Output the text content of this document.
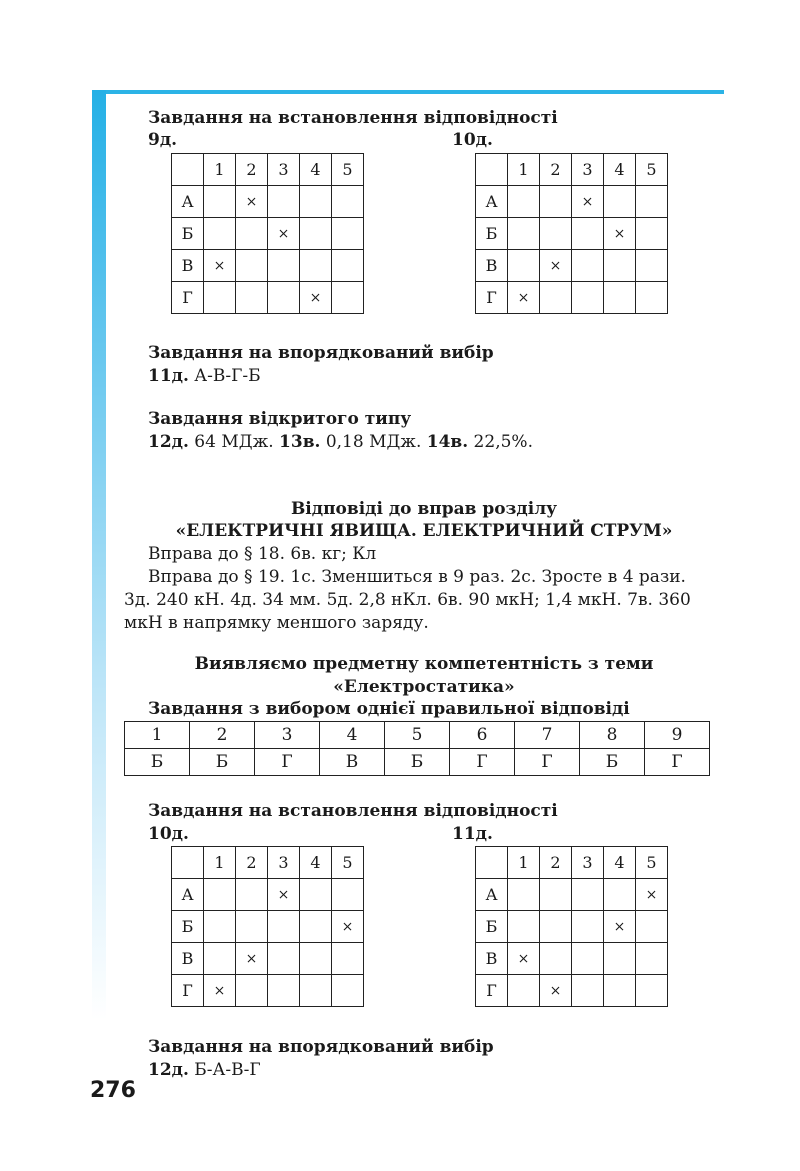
Завдання на встановлення відповідності
9д.	10д.
	1	2	3	4	5
А		×			
Б			×		
В	×				
Г				×	
	1	2	3	4	5
А			×		
Б				×	
В		×			
Г	×				
Завдання на впорядкований вибір
11д. А-В-Г-Б
Завдання відкритого типу
12д. 64 МДж. 13в. 0,18 МДж. 14в. 22,5%.
Відповіді до вправ розділу
«ЕЛЕКТРИЧНІ ЯВИЩА. ЕЛЕКТРИЧНИЙ СТРУМ»
Вправа до § 18. 6в. кг; Кл
Вправа до § 19. 1с. Зменшиться в 9 раз. 2с. Зросте в 4 рази.
3д. 240 кН. 4д. 34 мм. 5д. 2,8 нКл. 6в. 90 мкН; 1,4 мкН. 7в. 360
мкН в напрямку меншого заряду.
Виявляємо предметну компетентність з теми
«Електростатика»
Завдання з вибором однієї правильної відповіді
1	2	3	4	5	6	7	8	9
Б	Б	Г	В	Б	Г	Г	Б	Г
Завдання на встановлення відповідності
10д.	11д.
	1	2	3	4	5
А			×		
Б					×
В		×			
Г	×				
	1	2	3	4	5
А					×
Б				×	
В	×				
Г		×			
Завдання на впорядкований вибір
12д. Б-А-В-Г
276
